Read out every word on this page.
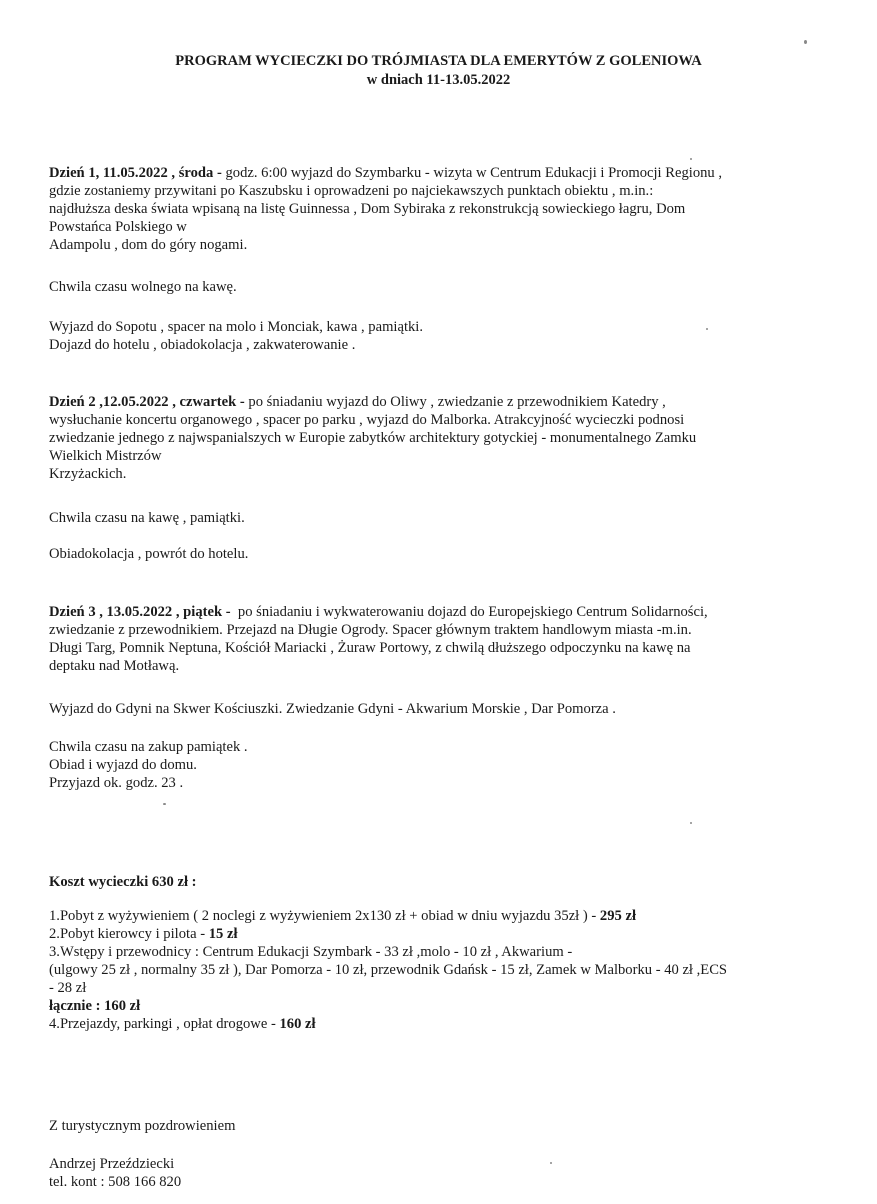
PROGRAM WYCIECZKI DO TRÓJMIASTA DLA EMERYTÓW Z GOLENIOWA
w dniach 11-13.05.2022
Dzień 1, 11.05.2022 , środa - godz. 6:00 wyjazd do Szymbarku - wizyta w Centrum Edukacji i Promocji Regionu ,
gdzie zostaniemy przywitani po Kaszubsku i oprowadzeni po najciekawszych punktach obiektu , m.in.:
najdłuższa deska świata wpisaną na listę Guinnessa , Dom Sybiraka z rekonstrukcją sowieckiego łagru, Dom
Powstańca Polskiego w
Adampolu , dom do góry nogami.
Chwila czasu wolnego na kawę.
Wyjazd do Sopotu , spacer na molo i Monciak, kawa , pamiątki.
Dojazd do hotelu , obiadokolacja , zakwaterowanie .
Dzień 2 ,12.05.2022 , czwartek - po śniadaniu wyjazd do Oliwy , zwiedzanie z przewodnikiem Katedry ,
wysłuchanie koncertu organowego , spacer po parku , wyjazd do Malborka. Atrakcyjność wycieczki podnosi
zwiedzanie jednego z najwspanialszych w Europie zabytków architektury gotyckiej - monumentalnego Zamku
Wielkich Mistrzów
Krzyżackich.
Chwila czasu na kawę , pamiątki.
Obiadokolacja , powrót do hotelu.
Dzień 3 , 13.05.2022 , piątek - po śniadaniu i wykwaterowaniu dojazd do Europejskiego Centrum Solidarności,
zwiedzanie z przewodnikiem. Przejazd na Długie Ogrody. Spacer głównym traktem handlowym miasta -m.in.
Długi Targ, Pomnik Neptuna, Kościół Mariacki , Żuraw Portowy, z chwilą dłuższego odpoczynku na kawę na
deptaku nad Motławą.
Wyjazd do Gdyni na Skwer Kościuszki. Zwiedzanie Gdyni - Akwarium Morskie , Dar Pomorza .
Chwila czasu na zakup pamiątek .
Obiad i wyjazd do domu.
Przyjazd ok. godz. 23 .
Koszt wycieczki 630 zł :
1.Pobyt z wyżywieniem ( 2 noclegi z wyżywieniem 2x130 zł + obiad w dniu wyjazdu 35zł ) - 295 zł
2.Pobyt kierowcy i pilota - 15 zł
3.Wstępy i przewodnicy : Centrum Edukacji Szymbark - 33 zł ,molo - 10 zł , Akwarium -
(ulgowy 25 zł , normalny 35 zł ), Dar Pomorza - 10 zł, przewodnik Gdańsk - 15 zł, Zamek w Malborku - 40 zł ,ECS
- 28 zł
łącznie : 160 zł
4.Przejazdy, parkingi , opłat drogowe - 160 zł
Z turystycznym pozdrowieniem
Andrzej Przeździecki
tel. kont : 508 166 820
